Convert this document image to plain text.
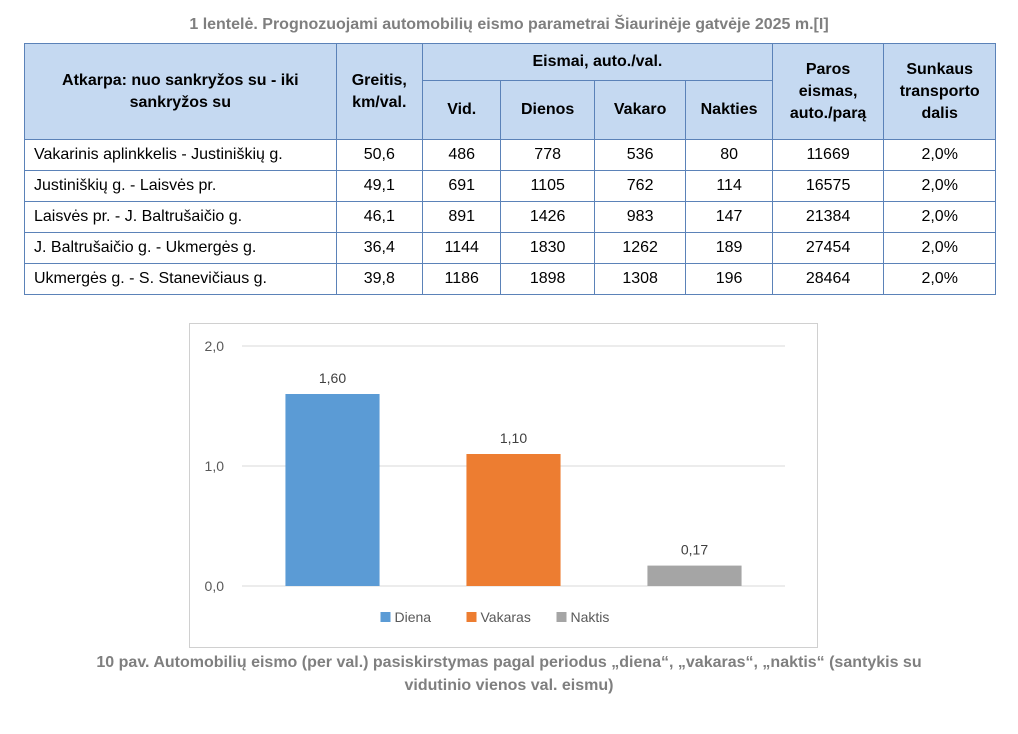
1 lentelė. Prognozuojami automobilių eismo parametrai Šiaurinėje gatvėje 2025 m.[I]
Atkarpa: nuo sankryžos su - iki sankryžos su	Greitis, km/val.	Eismai, auto./val.				Paros eismas, auto./parą	Sunkaus transporto dalis
		Vid.	Dienos	Vakaro	Nakties		
Vakarinis aplinkkelis - Justiniškių g.	50,6	486	778	536	80	11669	2,0%
Justiniškių g. - Laisvės pr.	49,1	691	1105	762	114	16575	2,0%
Laisvės pr. - J. Baltrušaičio g.	46,1	891	1426	983	147	21384	2,0%
J. Baltrušaičio g. - Ukmergės g.	36,4	1144	1830	1262	189	27454	2,0%
Ukmergės g. - S. Stanevičiaus g.	39,8	1186	1898	1308	196	28464	2,0%
0,0
1,0
2,0
1,60
1,10
0,17
Diena	Vakaras	Naktis
10 pav. Automobilių eismo (per val.) pasiskirstymas pagal periodus „diena“, „vakaras“, „naktis“ (santykis su
vidutinio vienos val. eismu)
